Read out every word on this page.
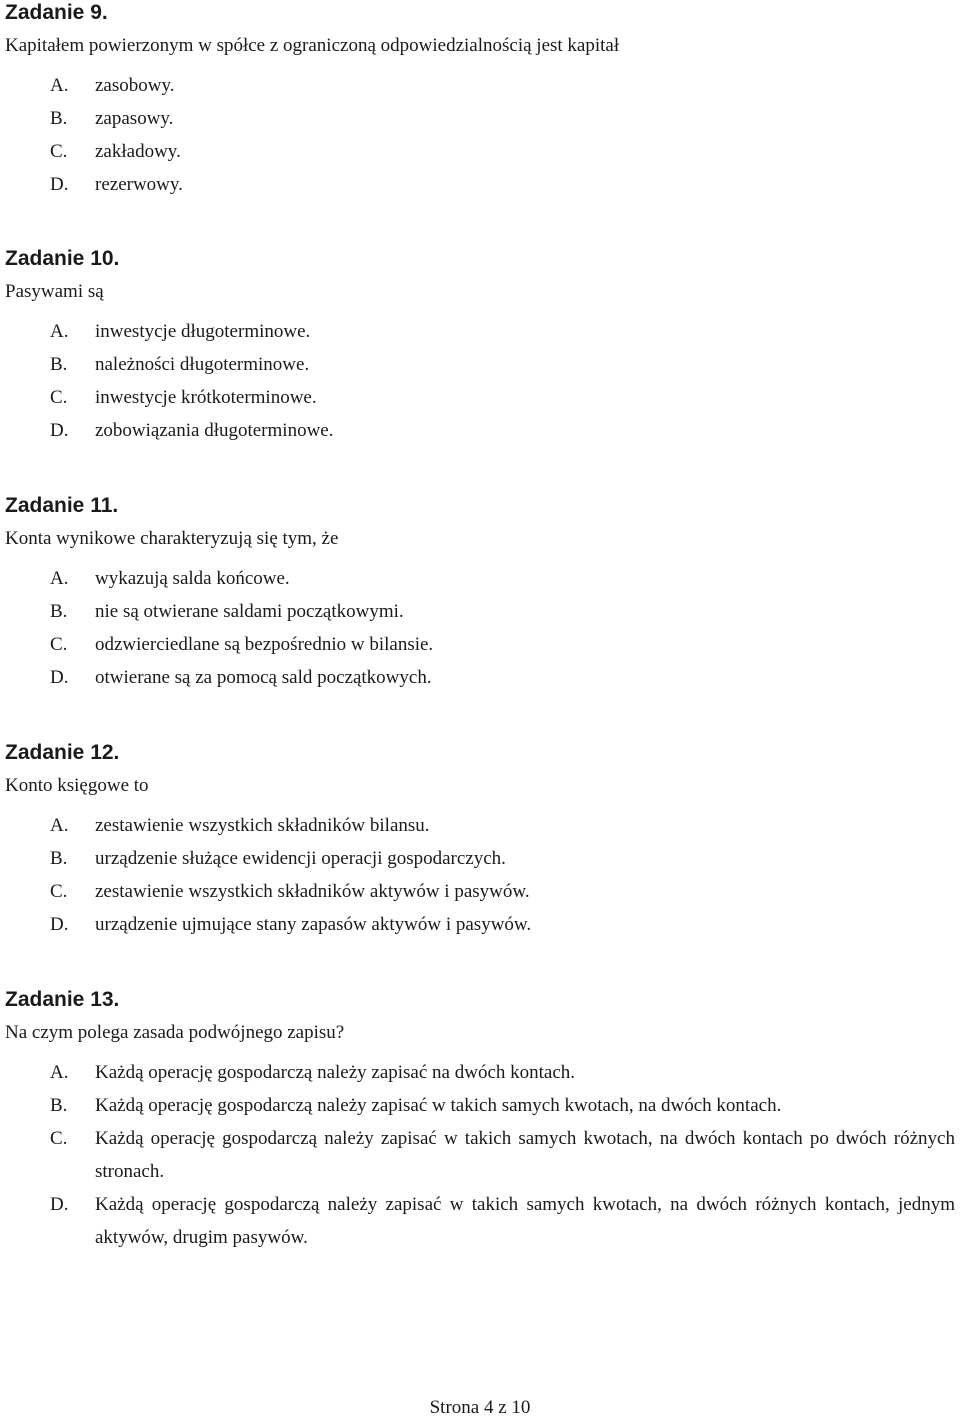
Zadanie 9.

Kapitałem powierzonym w spółce z ograniczoną odpowiedzialnością jest kapitał

A.	zasobowy.
B.	zapasowy.
C.	zakładowy.
D.	rezerwowy.
Zadanie 10.

Pasywami są

A.	inwestycje długoterminowe.
B.	należności długoterminowe.
C.	inwestycje krótkoterminowe.
D.	zobowiązania długoterminowe.
Zadanie 11.

Konta wynikowe charakteryzują się tym, że

A.	wykazują salda końcowe.
B.	nie są otwierane saldami początkowymi.
C.	odzwierciedlane są bezpośrednio w bilansie.
D.	otwierane są za pomocą sald początkowych.
Zadanie 12.

Konto księgowe to

A.	zestawienie wszystkich składników bilansu.
B.	urządzenie służące ewidencji operacji gospodarczych.
C.	zestawienie wszystkich składników aktywów i pasywów.
D.	urządzenie ujmujące stany zapasów aktywów i pasywów.
Zadanie 13.

Na czym polega zasada podwójnego zapisu?

A.	Każdą operację gospodarczą należy zapisać na dwóch kontach.
B.	Każdą operację gospodarczą należy zapisać w takich samych kwotach, na dwóch kontach.
C.	Każdą operację gospodarczą należy zapisać w takich samych kwotach, na dwóch kontach po dwóch różnych stronach.
D.	Każdą operację gospodarczą należy zapisać w takich samych kwotach, na dwóch różnych kontach, jednym aktywów, drugim pasywów.
Strona 4 z 10
